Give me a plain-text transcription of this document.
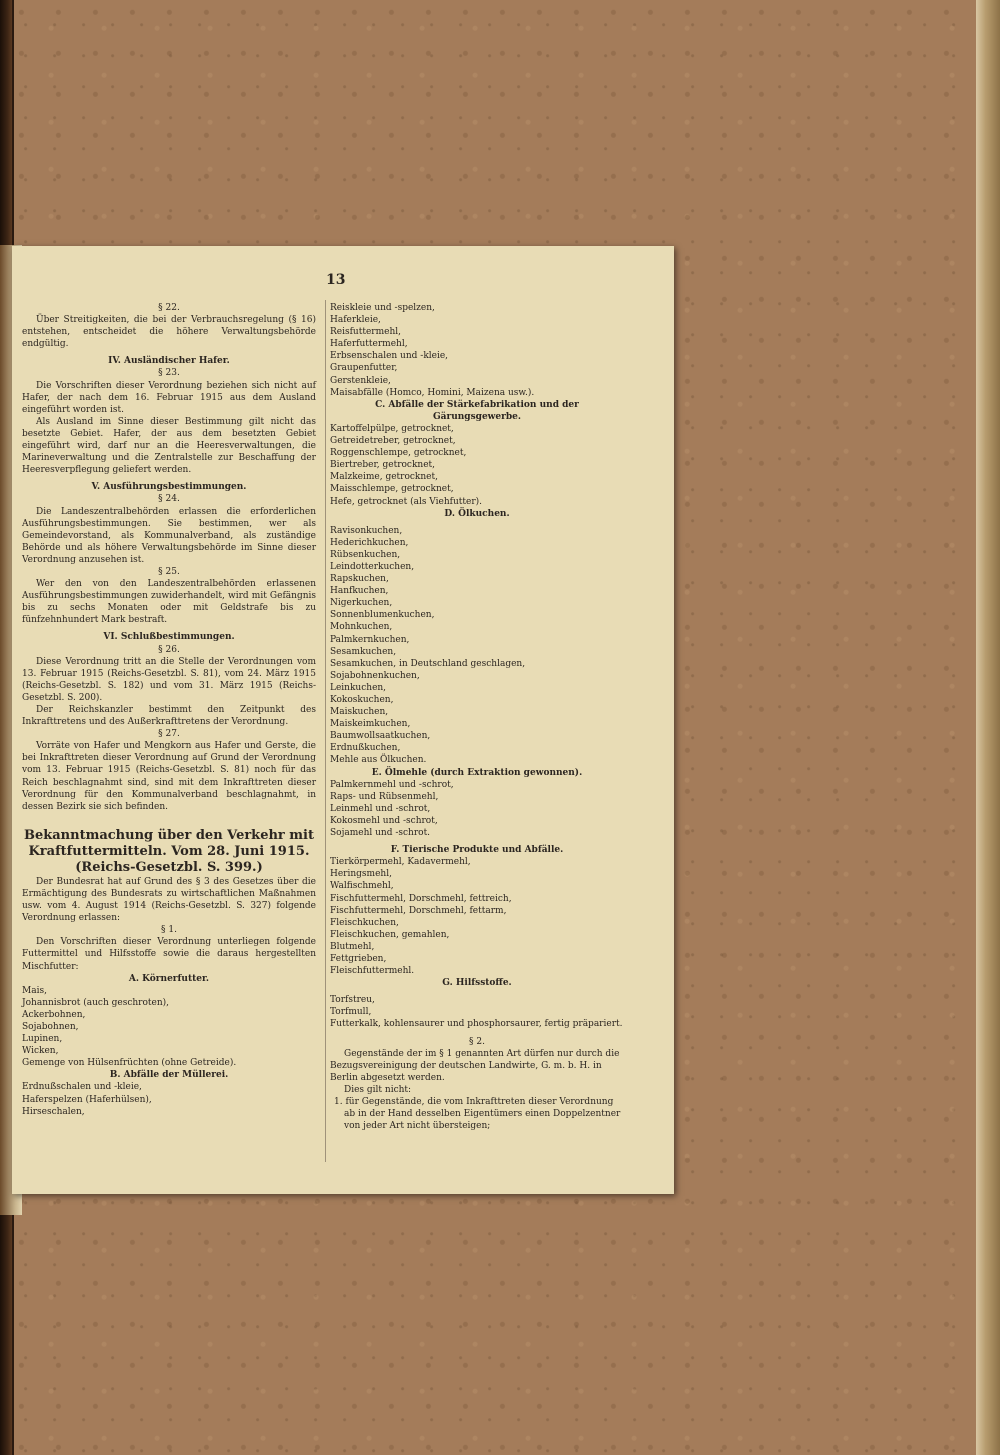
13

§ 22.

Über Streitigkeiten, die bei der Verbrauchsregelung (§ 16) entstehen, entscheidet die höhere Verwaltungsbehörde endgültig.

IV. Ausländischer Hafer.

§ 23.

Die Vorschriften dieser Verordnung beziehen sich nicht auf Hafer, der nach dem 16. Februar 1915 aus dem Ausland eingeführt worden ist.

Als Ausland im Sinne dieser Bestimmung gilt nicht das besetzte Gebiet. Hafer, der aus dem besetzten Gebiet eingeführt wird, darf nur an die Heeresverwaltungen, die Marineverwaltung und die Zentralstelle zur Beschaffung der Heeresverpflegung geliefert werden.

V. Ausführungsbestimmungen.

§ 24.

Die Landeszentralbehörden erlassen die erforderlichen Ausführungsbestimmungen. Sie bestimmen, wer als Gemeindevorstand, als Kommunalverband, als zuständige Behörde und als höhere Verwaltungsbehörde im Sinne dieser Verordnung anzusehen ist.

§ 25.

Wer den von den Landeszentralbehörden erlassenen Ausführungsbestimmungen zuwiderhandelt, wird mit Gefängnis bis zu sechs Monaten oder mit Geldstrafe bis zu fünfzehnhundert Mark bestraft.

VI. Schlußbestimmungen.

§ 26.

Diese Verordnung tritt an die Stelle der Verordnungen vom 13. Februar 1915 (Reichs-Gesetzbl. S. 81), vom 24. März 1915 (Reichs-Gesetzbl. S. 182) und vom 31. März 1915 (Reichs-Gesetzbl. S. 200).

Der Reichskanzler bestimmt den Zeitpunkt des Inkrafttretens und des Außerkrafttretens der Verordnung.

§ 27.

Vorräte von Hafer und Mengkorn aus Hafer und Gerste, die bei Inkrafttreten dieser Verordnung auf Grund der Verordnung vom 13. Februar 1915 (Reichs-Gesetzbl. S. 81) noch für das Reich beschlagnahmt sind, sind mit dem Inkrafttreten dieser Verordnung für den Kommunalverband beschlagnahmt, in dessen Bezirk sie sich befinden.

Bekanntmachung über den Verkehr mit Kraftfuttermitteln. Vom 28. Juni 1915. (Reichs-Gesetzbl. S. 399.)

Der Bundesrat hat auf Grund des § 3 des Gesetzes über die Ermächtigung des Bundesrats zu wirtschaftlichen Maßnahmen usw. vom 4. August 1914 (Reichs-Gesetzbl. S. 327) folgende Verordnung erlassen:

§ 1.

Den Vorschriften dieser Verordnung unterliegen folgende Futtermittel und Hilfsstoffe sowie die daraus hergestellten Mischfutter:

A. Körnerfutter.

Mais,

Johannisbrot (auch geschroten),

Ackerbohnen,

Sojabohnen,

Lupinen,

Wicken,

Gemenge von Hülsenfrüchten (ohne Getreide).

B. Abfälle der Müllerei.

Erdnußschalen und -kleie,

Haferspelzen (Haferhülsen),

Hirseschalen,

Reiskleie und -spelzen,

Haferkleie,

Reisfuttermehl,

Haferfuttermehl,

Erbsenschalen und -kleie,

Graupenfutter,

Gerstenkleie,

Maisabfälle (Homco, Homini, Maizena usw.).

C. Abfälle der Stärkefabrikation und der Gärungsgewerbe.

Kartoffelpülpe, getrocknet,

Getreidetreber, getrocknet,

Roggenschlempe, getrocknet,

Biertreber, getrocknet,

Malzkeime, getrocknet,

Maisschlempe, getrocknet,

Hefe, getrocknet (als Viehfutter).

D. Ölkuchen.

Ravisonkuchen,

Hederichkuchen,

Rübsenkuchen,

Leindotterkuchen,

Rapskuchen,

Hanfkuchen,

Nigerkuchen,

Sonnenblumenkuchen,

Mohnkuchen,

Palmkernkuchen,

Sesamkuchen,

Sesamkuchen, in Deutschland geschlagen,

Sojabohnenkuchen,

Leinkuchen,

Kokoskuchen,

Maiskuchen,

Maiskeimkuchen,

Baumwollsaatkuchen,

Erdnußkuchen,

Mehle aus Ölkuchen.

E. Ölmehle (durch Extraktion gewonnen).

Palmkernmehl und -schrot,

Raps- und Rübsenmehl,

Leinmehl und -schrot,

Kokosmehl und -schrot,

Sojamehl und -schrot.

F. Tierische Produkte und Abfälle.

Tierkörpermehl, Kadavermehl,

Heringsmehl,

Walfischmehl,

Fischfuttermehl, Dorschmehl, fettreich,

Fischfuttermehl, Dorschmehl, fettarm,

Fleischkuchen,

Fleischkuchen, gemahlen,

Blutmehl,

Fettgrieben,

Fleischfuttermehl.

G. Hilfsstoffe.

Torfstreu,

Torfmull,

Futterkalk, kohlensaurer und phosphorsaurer, fertig präpariert.

§ 2.

Gegenstände der im § 1 genannten Art dürfen nur durch die Bezugsvereinigung der deutschen Landwirte, G. m. b. H. in Berlin abgesetzt werden.

Dies gilt nicht:

1. für Gegenstände, die vom Inkrafttreten dieser Verordnung ab in der Hand desselben Eigentümers einen Doppelzentner von jeder Art nicht übersteigen;
